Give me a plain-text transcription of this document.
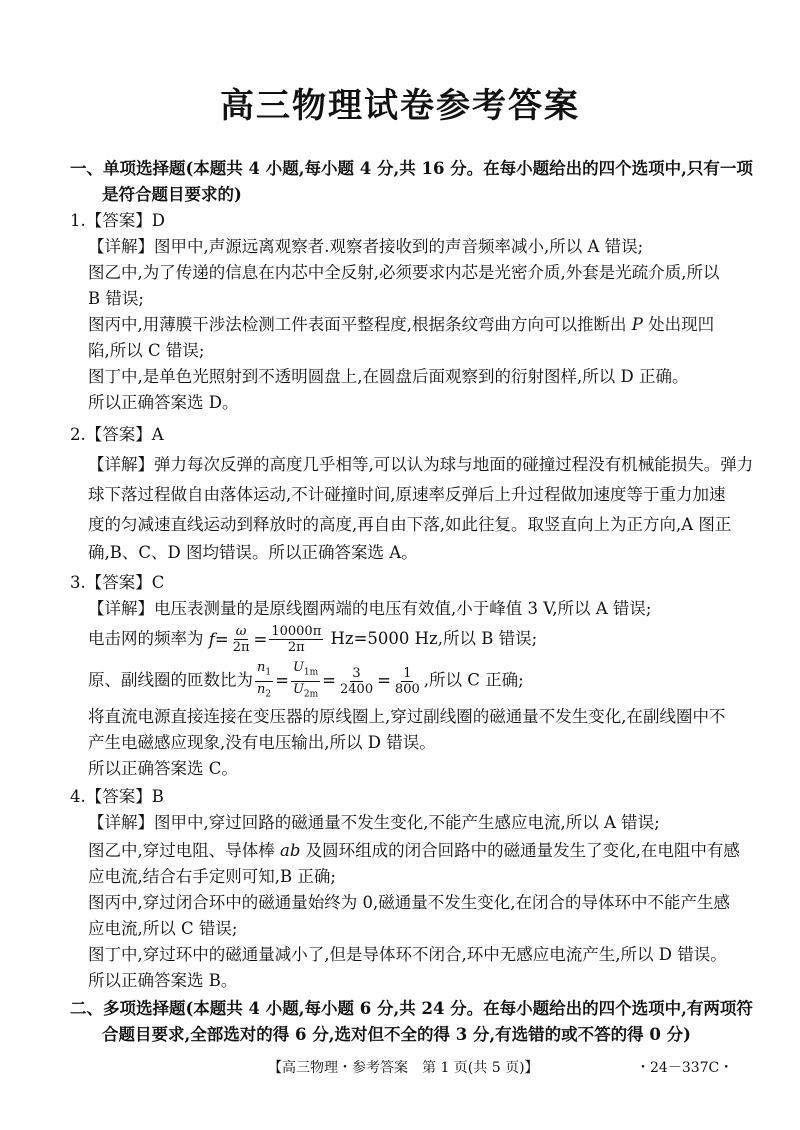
高三物理试卷参考答案
一、单项选择题(本题共 4 小题,每小题 4 分,共 16 分。在每小题给出的四个选项中,只有一项
是符合题目要求的)
1.【答案】D
【详解】图甲中,声源远离观察者.观察者接收到的声音频率减小,所以 A 错误;
图乙中,为了传递的信息在内芯中全反射,必须要求内芯是光密介质,外套是光疏介质,所以
B 错误;
图丙中,用薄膜干涉法检测工件表面平整程度,根据条纹弯曲方向可以推断出 P 处出现凹
陷,所以 C 错误;
图丁中,是单色光照射到不透明圆盘上,在圆盘后面观察到的衍射图样,所以 D 正确。
所以正确答案选 D。
2.【答案】A
【详解】弹力每次反弹的高度几乎相等,可以认为球与地面的碰撞过程没有机械能损失。弹力
球下落过程做自由落体运动,不计碰撞时间,原速率反弹后上升过程做加速度等于重力加速
度的匀减速直线运动到释放时的高度,再自由下落,如此往复。取竖直向上为正方向,A 图正
确,B、C、D 图均错误。所以正确答案选 A。
3.【答案】C
【详解】电压表测量的是原线圈两端的电压有效值,小于峰值 3 V,所以 A 错误;
电击网的频率为 $f = \frac{\omega}{2\pi} = \frac{10000\pi}{2\pi} Hz=5000$ Hz,所以 B 错误;
原、副线圈的匝数比为 $\frac{n_1}{n_2} = \frac{U_{1m}}{U_{2m}} = \frac{3}{2400} = \frac{1}{800}$ ,所以 C 正确;
将直流电源直接连接在变压器的原线圈上,穿过副线圈的磁通量不发生变化,在副线圈中不
产生电磁感应现象,没有电压输出,所以 D 错误。
所以正确答案选 C。
4.【答案】B
【详解】图甲中,穿过回路的磁通量不发生变化,不能产生感应电流,所以 A 错误;
图乙中,穿过电阻、导体棒 ab 及圆环组成的闭合回路中的磁通量发生了变化,在电阻中有感
应电流,结合右手定则可知,B 正确;
图丙中,穿过闭合环中的磁通量始终为 0,磁通量不发生变化,在闭合的导体环中不能产生感
应电流,所以 C 错误;
图丁中,穿过环中的磁通量减小了,但是导体环不闭合,环中无感应电流产生,所以 D 错误。
所以正确答案选 B。
二、多项选择题(本题共 4 小题,每小题 6 分,共 24 分。在每小题给出的四个选项中,有两项符
合题目要求,全部选对的得 6 分,选对但不全的得 3 分,有选错的或不答的得 0 分)
【高三物理・参考答案　第 1 页(共 5 页)】	・24－337C・
